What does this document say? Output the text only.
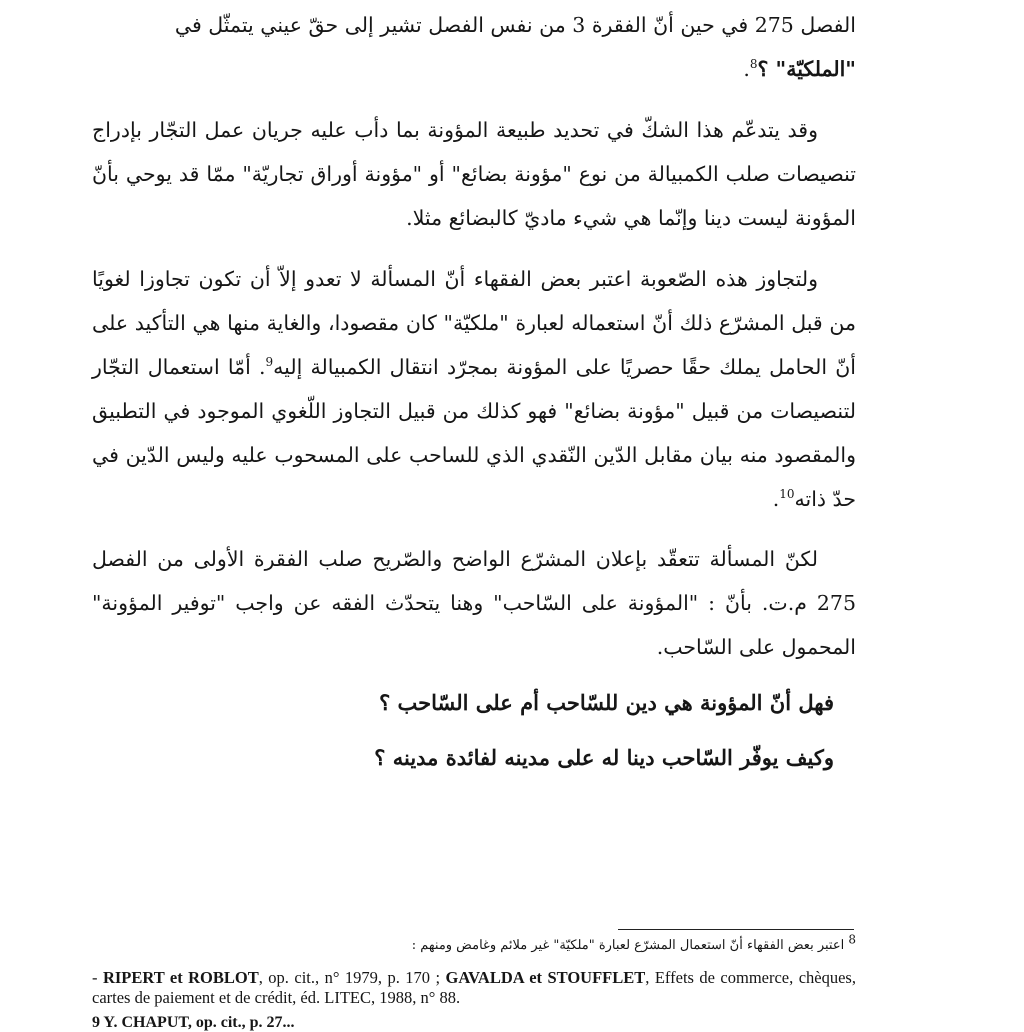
الفصل 275 في حين أنّ الفقرة 3 من نفس الفصل تشير إلى حقّ عيني يتمثّل في
"الملكيّة" ؟$^8$.

وقد يتدعّم هذا الشكّ في تحديد طبيعة المؤونة بما دأب عليه جريان عمل التجّار بإدراج تنصيصات صلب الكمبيالة من نوع "مؤونة بضائع" أو "مؤونة أوراق تجاريّة" ممّا قد يوحي بأنّ المؤونة ليست دينا وإنّما هي شيء ماديّ كالبضائع مثلا.

ولتجاوز هذه الصّعوبة اعتبر بعض الفقهاء أنّ المسألة لا تعدو إلاّ أن تكون تجاوزا لغويًا من قبل المشرّع ذلك أنّ استعماله لعبارة "ملكيّة" كان مقصودا، والغاية منها هي التأكيد على أنّ الحامل يملك حقًا حصريًا على المؤونة بمجرّد انتقال الكمبيالة إليه$^9$. أمّا استعمال التجّار لتنصيصات من قبيل "مؤونة بضائع" فهو كذلك من قبيل التجاوز اللّغوي الموجود في التطبيق والمقصود منه بيان مقابل الدّين النّقدي الذي للساحب على المسحوب عليه وليس الدّين في حدّ ذاته$^{10}$.

لكنّ المسألة تتعقّد بإعلان المشرّع الواضح والصّريح صلب الفقرة الأولى من الفصل 275 م.ت. بأنّ : "المؤونة على السّاحب" وهنا يتحدّث الفقه عن واجب "توفير المؤونة" المحمول على السّاحب.

فهل أنّ المؤونة هي دين للسّاحب أم على السّاحب ؟
وكيف يوفّر السّاحب دينا له على مدينه لفائدة مدينه ؟
$^8$ اعتبر بعض الفقهاء أنّ استعمال المشرّع لعبارة "ملكيّة" غير ملائم وغامض ومنهم :
- RIPERT et ROBLOT, op. cit., n° 1979, p. 170 ; GAVALDA et STOUFFLET, Effets de commerce, chèques, cartes de paiement et de crédit, éd. LITEC, 1988, n° 88.
9 Y. CHAPUT, op. cit., p. 27...
